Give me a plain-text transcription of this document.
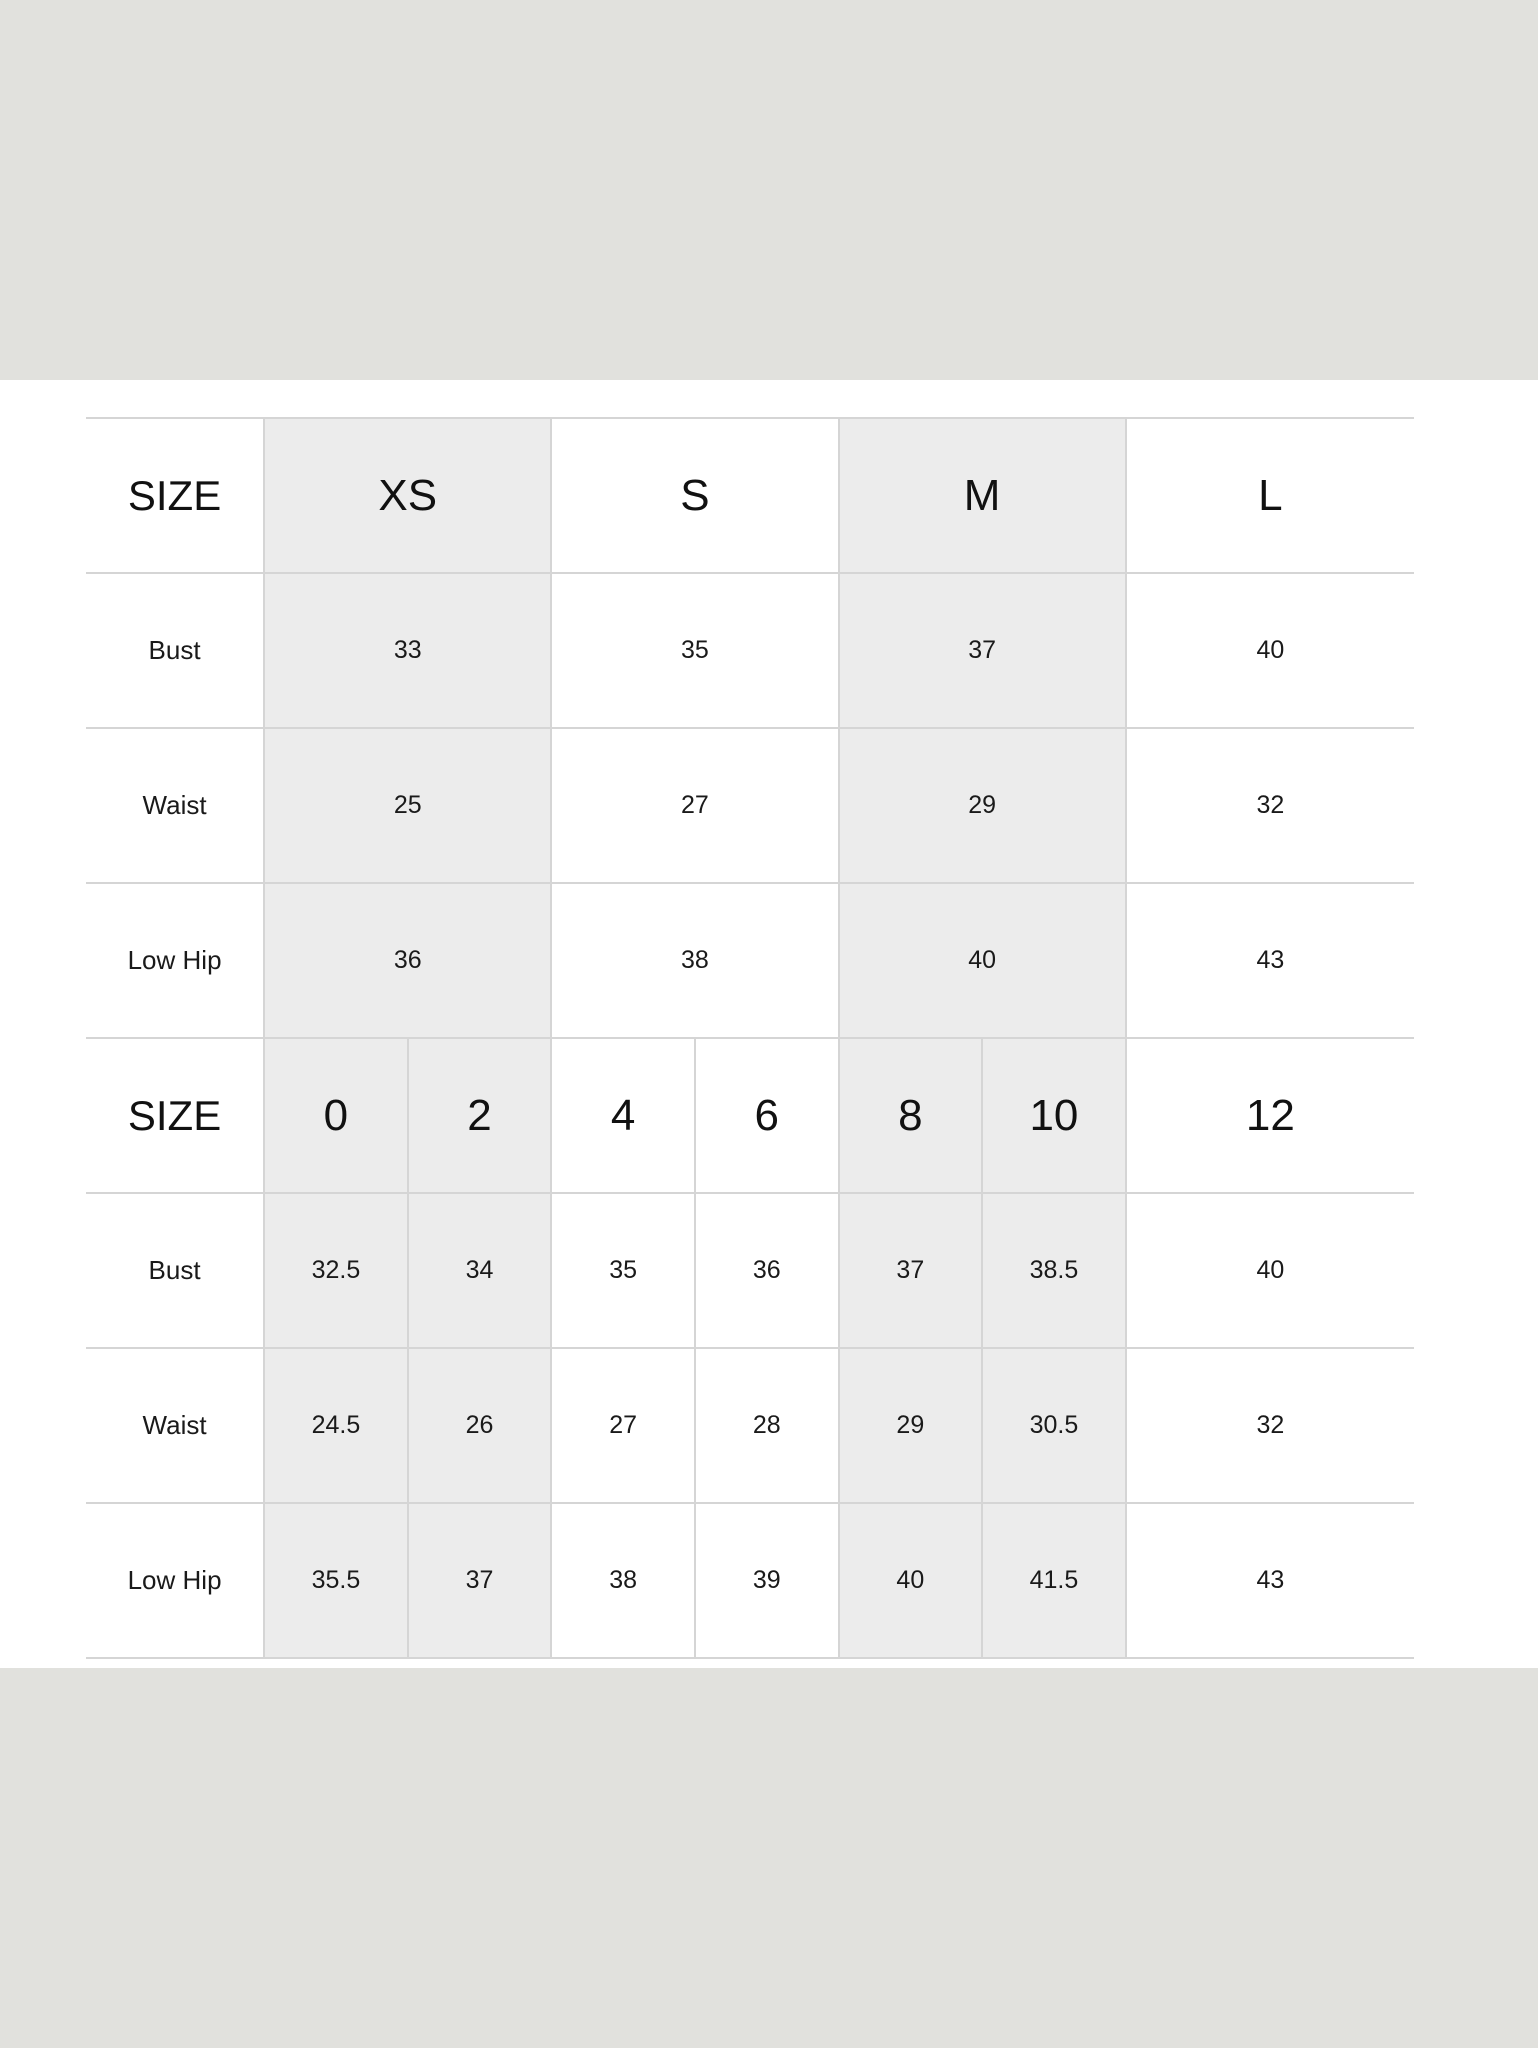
SIZE	XS		S		M		L
Bust	33		35		37		40
Waist	25		27		29		32
Low Hip	36		38		40		43
SIZE	0	2	4	6	8	10	12
Bust	32.5	34	35	36	37	38.5	40
Waist	24.5	26	27	28	29	30.5	32
Low Hip	35.5	37	38	39	40	41.5	43
